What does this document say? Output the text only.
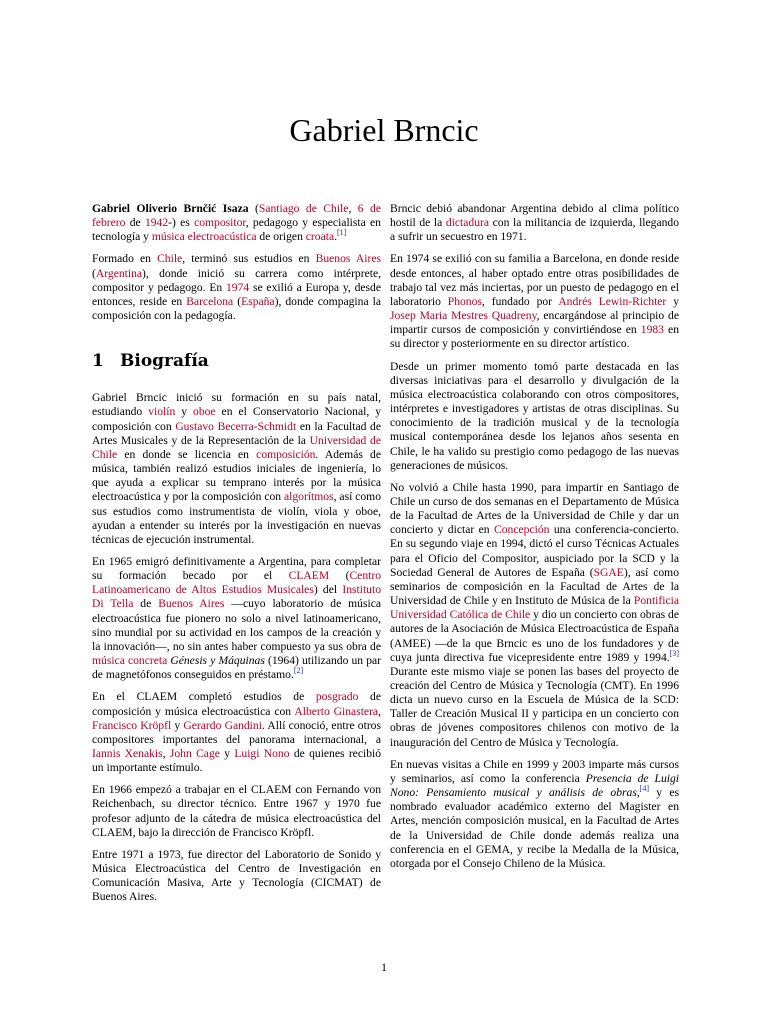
Gabriel Brncic

Gabriel Oliverio Brnčić Isaza (Santiago de Chile, 6 de febrero de 1942-) es compositor, pedagogo y especialista en tecnología y música electroacústica de origen croata.[1]

Formado en Chile, terminó sus estudios en Buenos Aires (Argentina), donde inició su carrera como intérprete, compositor y pedagogo. En 1974 se exilió a Europa y, desde entonces, reside en Barcelona (España), donde compagina la composición con la pedagogía.

1 Biografía

Gabriel Brncic inició su formación en su país natal, estudiando violín y oboe en el Conservatorio Nacional, y composición con Gustavo Becerra-Schmidt en la Facultad de Artes Musicales y de la Representación de la Universidad de Chile en donde se licencia en composición. Además de música, también realizó estudios iniciales de ingeniería, lo que ayuda a explicar su temprano interés por la música electroacústica y por la composición con algorítmos, así como sus estudios como instrumentista de violín, viola y oboe, ayudan a entender su interés por la investigación en nuevas técnicas de ejecución instrumental.

En 1965 emigró definitivamente a Argentina, para completar su formación becado por el CLAEM (Centro Latinoamericano de Altos Estudios Musicales) del Instituto Di Tella de Buenos Aires —cuyo laboratorio de música electroacústica fue pionero no solo a nivel latinoamericano, sino mundial por su actividad en los campos de la creación y la innovación—, no sin antes haber compuesto ya sus obra de música concreta Génesis y Máquinas (1964) utilizando un par de magnetófonos conseguidos en préstamo.[2]

En el CLAEM completó estudios de posgrado de composición y música electroacústica con Alberto Ginastera, Francisco Kröpfl y Gerardo Gandini. Allí conoció, entre otros compositores importantes del panorama internacional, a Iannis Xenakis, John Cage y Luigi Nono de quienes recibió un importante estímulo.

En 1966 empezó a trabajar en el CLAEM con Fernando von Reichenbach, su director técnico. Entre 1967 y 1970 fue profesor adjunto de la cátedra de música electroacústica del CLAEM, bajo la dirección de Francisco Kröpfl.

Entre 1971 a 1973, fue director del Laboratorio de Sonido y Música Electroacústica del Centro de Investigación en Comunicación Masiva, Arte y Tecnología (CICMAT) de Buenos Aires.

Brncic debió abandonar Argentina debido al clima político hostil de la dictadura con la militancia de izquierda, llegando a sufrir un secuestro en 1971.

En 1974 se exilió con su familia a Barcelona, en donde reside desde entonces, al haber optado entre otras posibilidades de trabajo tal vez más inciertas, por un puesto de pedagogo en el laboratorio Phonos, fundado por Andrés Lewin-Richter y Josep Maria Mestres Quadreny, encargándose al principio de impartir cursos de composición y convirtiéndose en 1983 en su director y posteriormente en su director artístico.

Desde un primer momento tomó parte destacada en las diversas iniciativas para el desarrollo y divulgación de la música electroacústica colaborando con otros compositores, intérpretes e investigadores y artistas de otras disciplinas. Su conocimiento de la tradición musical y de la tecnología musical contemporánea desde los lejanos años sesenta en Chile, le ha valido su prestigio como pedagogo de las nuevas generaciones de músicos.

No volvió a Chile hasta 1990, para impartir en Santiago de Chile un curso de dos semanas en el Departamento de Música de la Facultad de Artes de la Universidad de Chile y dar un concierto y dictar en Concepción una conferencia-concierto. En su segundo viaje en 1994, dictó el curso Técnicas Actuales para el Oficio del Compositor, auspiciado por la SCD y la Sociedad General de Autores de España (SGAE), así como seminarios de composición en la Facultad de Artes de la Universidad de Chile y en Instituto de Música de la Pontificia Universidad Católica de Chile y dio un concierto con obras de autores de la Asociación de Música Electroacústica de España (AMEE) —de la que Brncic es uno de los fundadores y de cuya junta directiva fue vicepresidente entre 1989 y 1994.[3] Durante este mismo viaje se ponen las bases del proyecto de creación del Centro de Música y Tecnología (CMT). En 1996 dicta un nuevo curso en la Escuela de Música de la SCD: Taller de Creación Musical II y participa en un concierto con obras de jóvenes compositores chilenos con motivo de la inauguración del Centro de Música y Tecnología.

En nuevas visitas a Chile en 1999 y 2003 imparte más cursos y seminarios, así como la conferencia Presencia de Luigi Nono: Pensamiento musical y análisis de obras,[4] y es nombrado evaluador académico externo del Magister en Artes, mención composición musical, en la Facultad de Artes de la Universidad de Chile donde además realiza una conferencia en el GEMA, y recibe la Medalla de la Música, otorgada por el Consejo Chileno de la Música.

1
